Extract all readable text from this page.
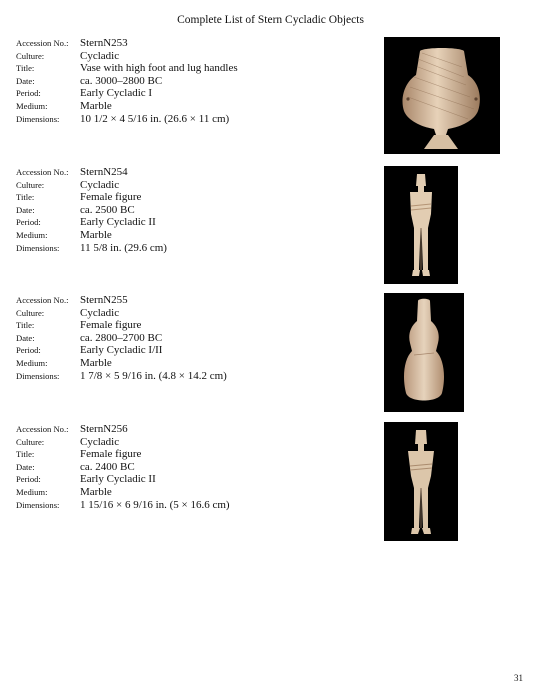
Complete List of Stern Cycladic Objects
Accession No.:	SternN253
Culture:	Cycladic
Title:	Vase with high foot and lug handles
Date:	ca. 3000–2800 BC
Period:	Early Cycladic I
Medium:	Marble
Dimensions:	10 1/2 × 4 5/16 in. (26.6 × 11 cm)
Accession No.:	SternN254
Culture:	Cycladic
Title:	Female figure
Date:	ca. 2500 BC
Period:	Early Cycladic II
Medium:	Marble
Dimensions:	11 5/8 in. (29.6 cm)
Accession No.:	SternN255
Culture:	Cycladic
Title:	Female figure
Date:	ca. 2800–2700 BC
Period:	Early Cycladic I/II
Medium:	Marble
Dimensions:	1 7/8 × 5 9/16 in. (4.8 × 14.2 cm)
Accession No.:	SternN256
Culture:	Cycladic
Title:	Female figure
Date:	ca. 2400 BC
Period:	Early Cycladic II
Medium:	Marble
Dimensions:	1 15/16 × 6 9/16 in. (5 × 16.6 cm)
31
